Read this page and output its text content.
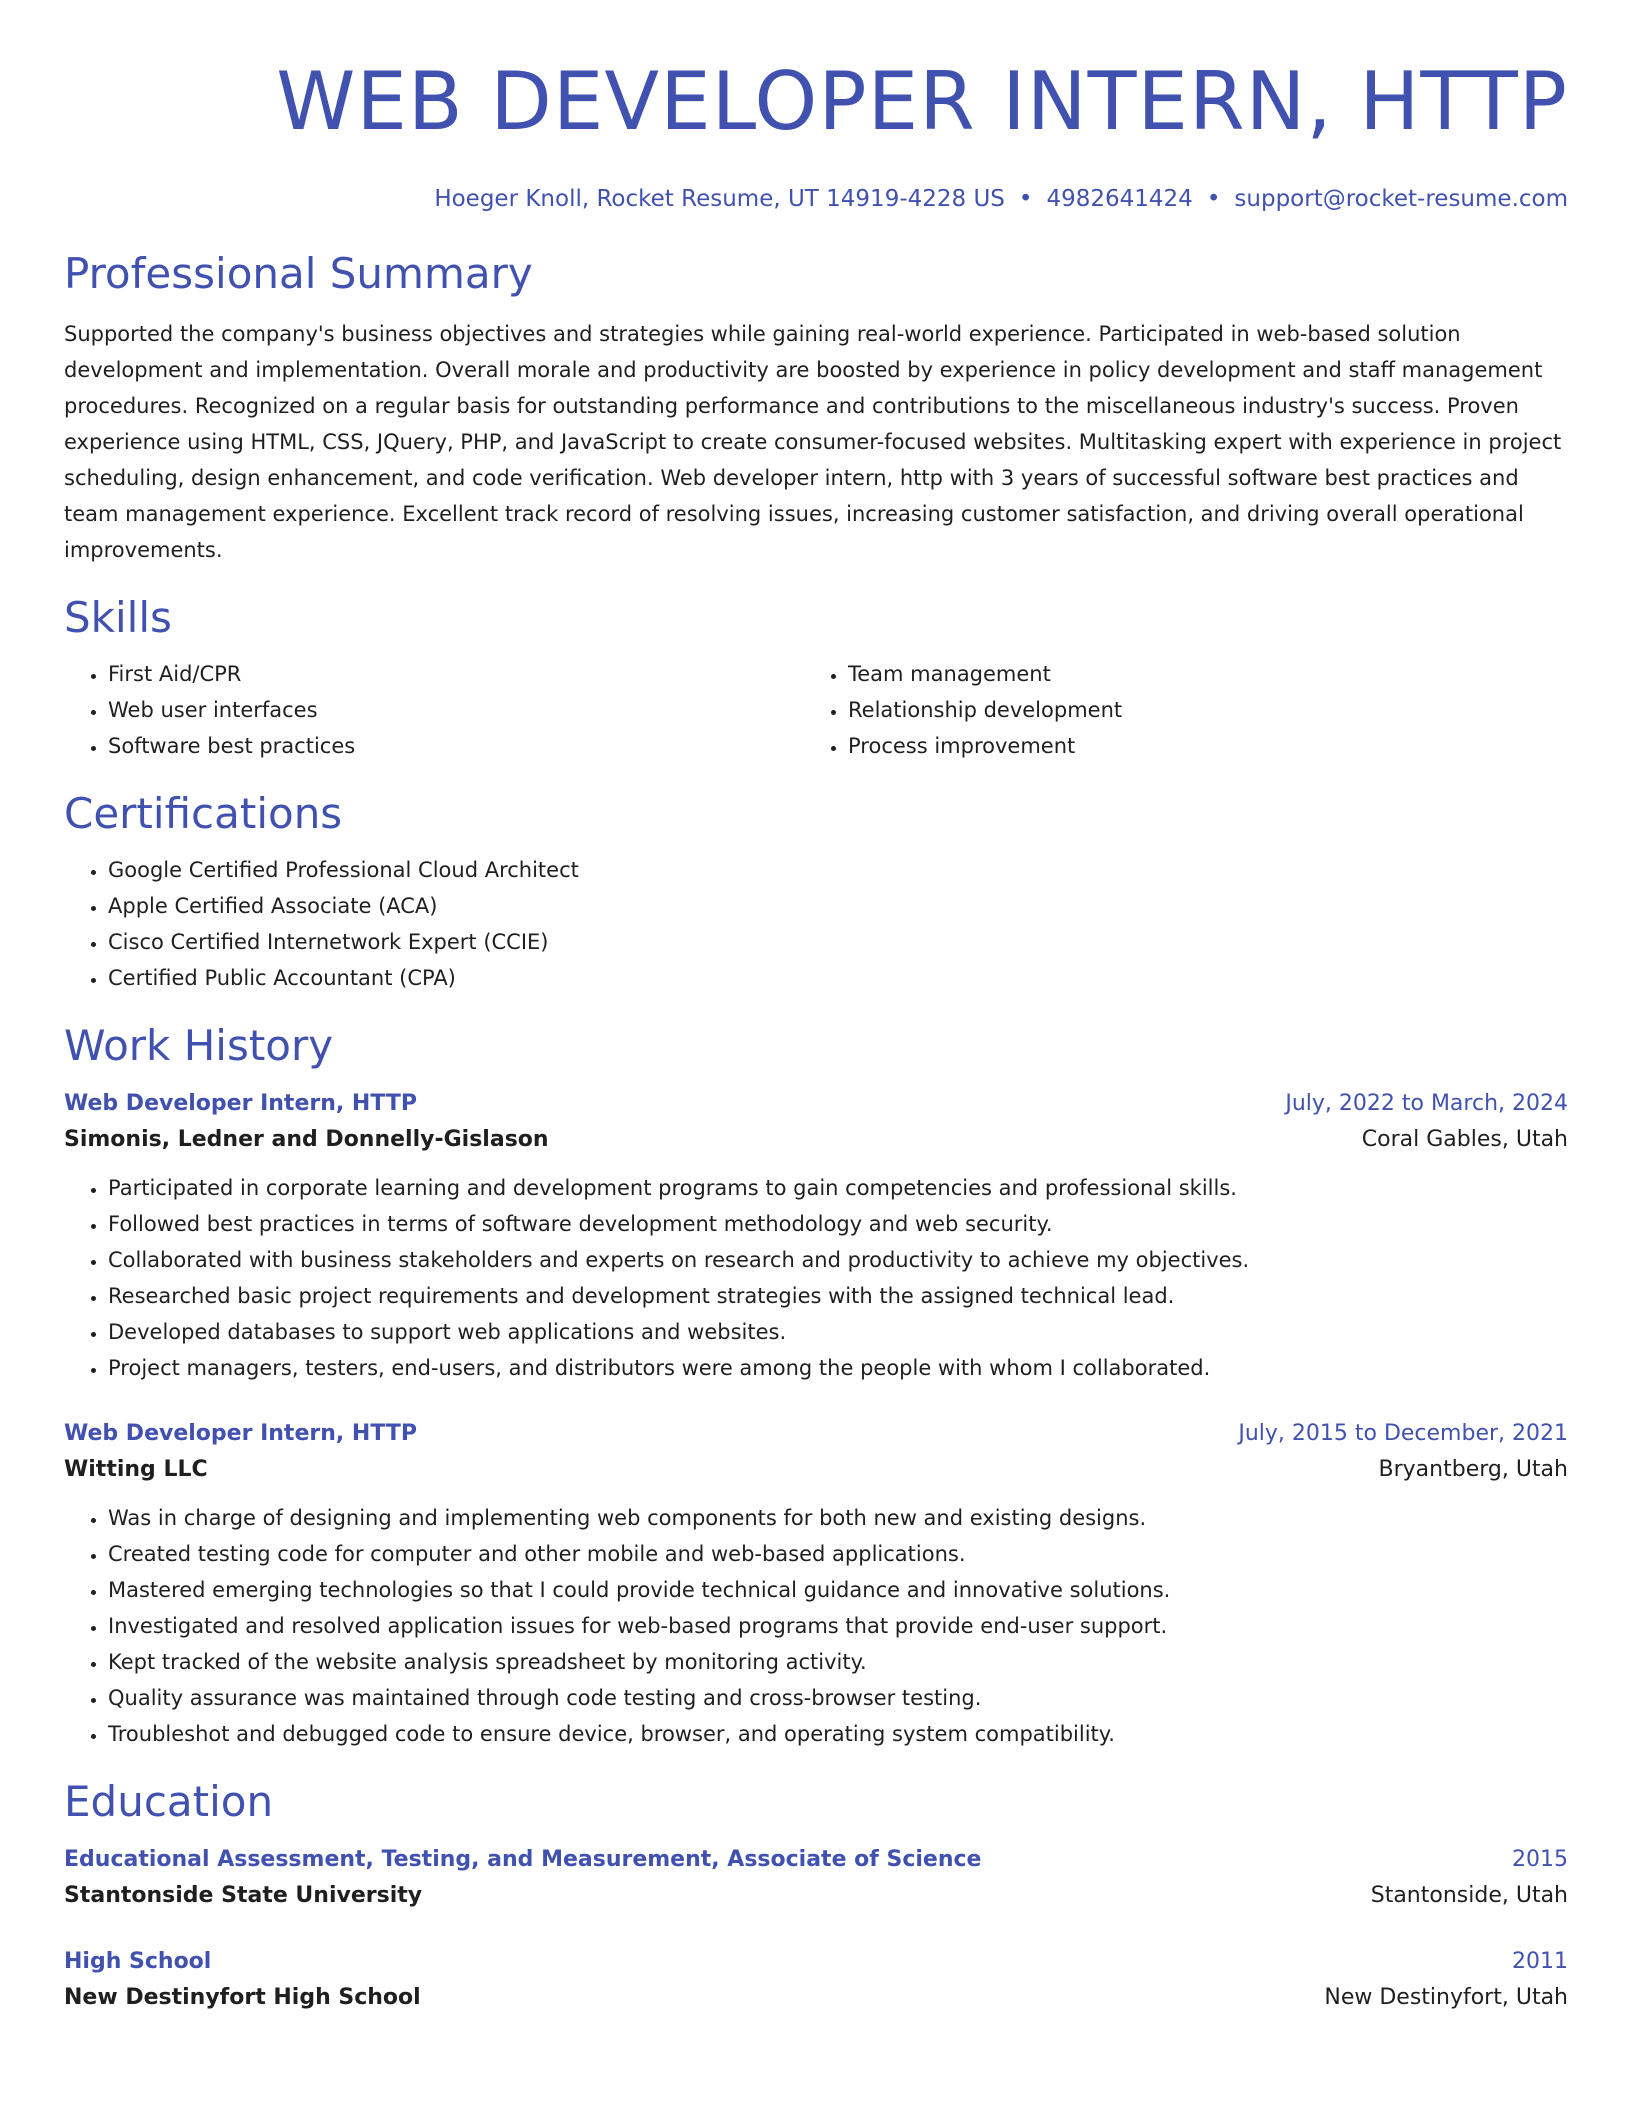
WEB DEVELOPER INTERN, HTTP
Hoeger Knoll, Rocket Resume, UT 14919-4228 US • 4982641424 • support@rocket-resume.com
Professional Summary
Supported the company's business objectives and strategies while gaining real-world experience. Participated in web-based solution development and implementation. Overall morale and productivity are boosted by experience in policy development and staff management procedures. Recognized on a regular basis for outstanding performance and contributions to the miscellaneous industry's success. Proven experience using HTML, CSS, JQuery, PHP, and JavaScript to create consumer-focused websites. Multitasking expert with experience in project scheduling, design enhancement, and code verification. Web developer intern, http with 3 years of successful software best practices and team management experience. Excellent track record of resolving issues, increasing customer satisfaction, and driving overall operational improvements.
Skills
• First Aid/CPR
• Web user interfaces
• Software best practices
• Team management
• Relationship development
• Process improvement
Certifications
• Google Certified Professional Cloud Architect
• Apple Certified Associate (ACA)
• Cisco Certified Internetwork Expert (CCIE)
• Certified Public Accountant (CPA)
Work History
Web Developer Intern, HTTP	July, 2022 to March, 2024
Simonis, Ledner and Donnelly-Gislason	Coral Gables, Utah
• Participated in corporate learning and development programs to gain competencies and professional skills.
• Followed best practices in terms of software development methodology and web security.
• Collaborated with business stakeholders and experts on research and productivity to achieve my objectives.
• Researched basic project requirements and development strategies with the assigned technical lead.
• Developed databases to support web applications and websites.
• Project managers, testers, end-users, and distributors were among the people with whom I collaborated.
Web Developer Intern, HTTP	July, 2015 to December, 2021
Witting LLC	Bryantberg, Utah
• Was in charge of designing and implementing web components for both new and existing designs.
• Created testing code for computer and other mobile and web-based applications.
• Mastered emerging technologies so that I could provide technical guidance and innovative solutions.
• Investigated and resolved application issues for web-based programs that provide end-user support.
• Kept tracked of the website analysis spreadsheet by monitoring activity.
• Quality assurance was maintained through code testing and cross-browser testing.
• Troubleshot and debugged code to ensure device, browser, and operating system compatibility.
Education
Educational Assessment, Testing, and Measurement, Associate of Science	2015
Stantonside State University	Stantonside, Utah
High School	2011
New Destinyfort High School	New Destinyfort, Utah
